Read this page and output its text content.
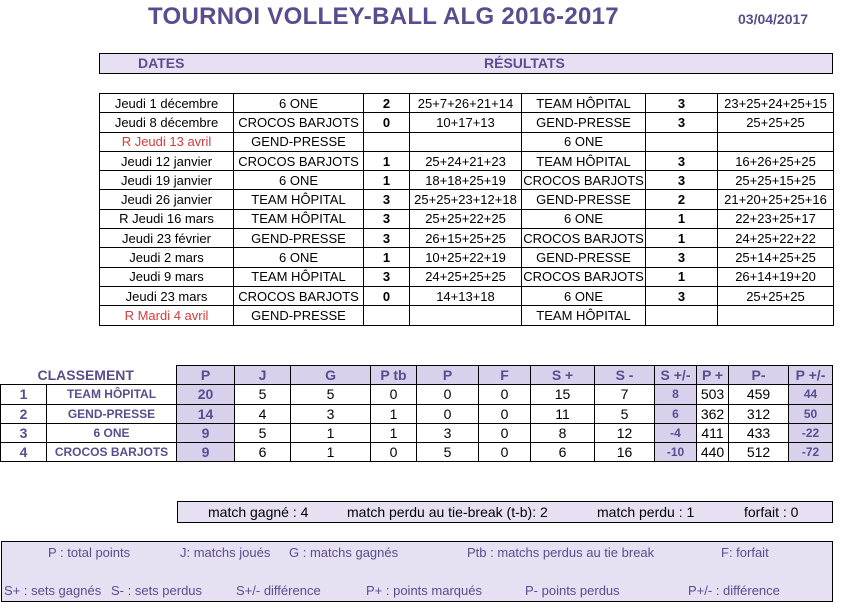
TOURNOI VOLLEY-BALL ALG 2016-2017	03/04/2017
DATES	RÉSULTATS
Jeudi 1 décembre	6 ONE	2	25+7+26+21+14	TEAM HÔPITAL	3	23+25+24+25+15
Jeudi 8 décembre	CROCOS BARJOTS	0	10+17+13	GEND-PRESSE	3	25+25+25
R Jeudi 13 avril	GEND-PRESSE			6 ONE		
Jeudi 12 janvier	CROCOS BARJOTS	1	25+24+21+23	TEAM HÔPITAL	3	16+26+25+25
Jeudi 19 janvier	6 ONE	1	18+18+25+19	CROCOS BARJOTS	3	25+25+15+25
Jeudi 26 janvier	TEAM HÔPITAL	3	25+25+23+12+18	GEND-PRESSE	2	21+20+25+25+16
R Jeudi 16 mars	TEAM HÔPITAL	3	25+25+22+25	6 ONE	1	22+23+25+17
Jeudi 23 février	GEND-PRESSE	3	26+15+25+25	CROCOS BARJOTS	1	24+25+22+22
Jeudi 2 mars	6 ONE	1	10+25+22+19	GEND-PRESSE	3	25+14+25+25
Jeudi 9 mars	TEAM HÔPITAL	3	24+25+25+25	CROCOS BARJOTS	1	26+14+19+20
Jeudi 23 mars	CROCOS BARJOTS	0	14+13+18	6 ONE	3	25+25+25
R Mardi 4 avril	GEND-PRESSE			TEAM HÔPITAL		
CLASSEMENT		P	J	G	P tb	P	F	S +	S -	S +/-	P +	P-	P +/-
1	TEAM HÔPITAL	20	5	5	0	0	0	15	7	8	503	459	44
2	GEND-PRESSE	14	4	3	1	0	0	11	5	6	362	312	50
3	6 ONE	9	5	1	1	3	0	8	12	-4	411	433	-22
4	CROCOS BARJOTS	9	6	1	0	5	0	6	16	-10	440	512	-72
match gagné : 4	match perdu au tie-break (t-b): 2	match perdu : 1	forfait : 0
P : total points	J: matchs joués G : matchs gagnés	Ptb : matchs perdus au tie break	F: forfait
S+ : sets gagnés S- : sets perdus	S+/- différence	P+ : points marqués	P- points perdus	P+/- : différence
